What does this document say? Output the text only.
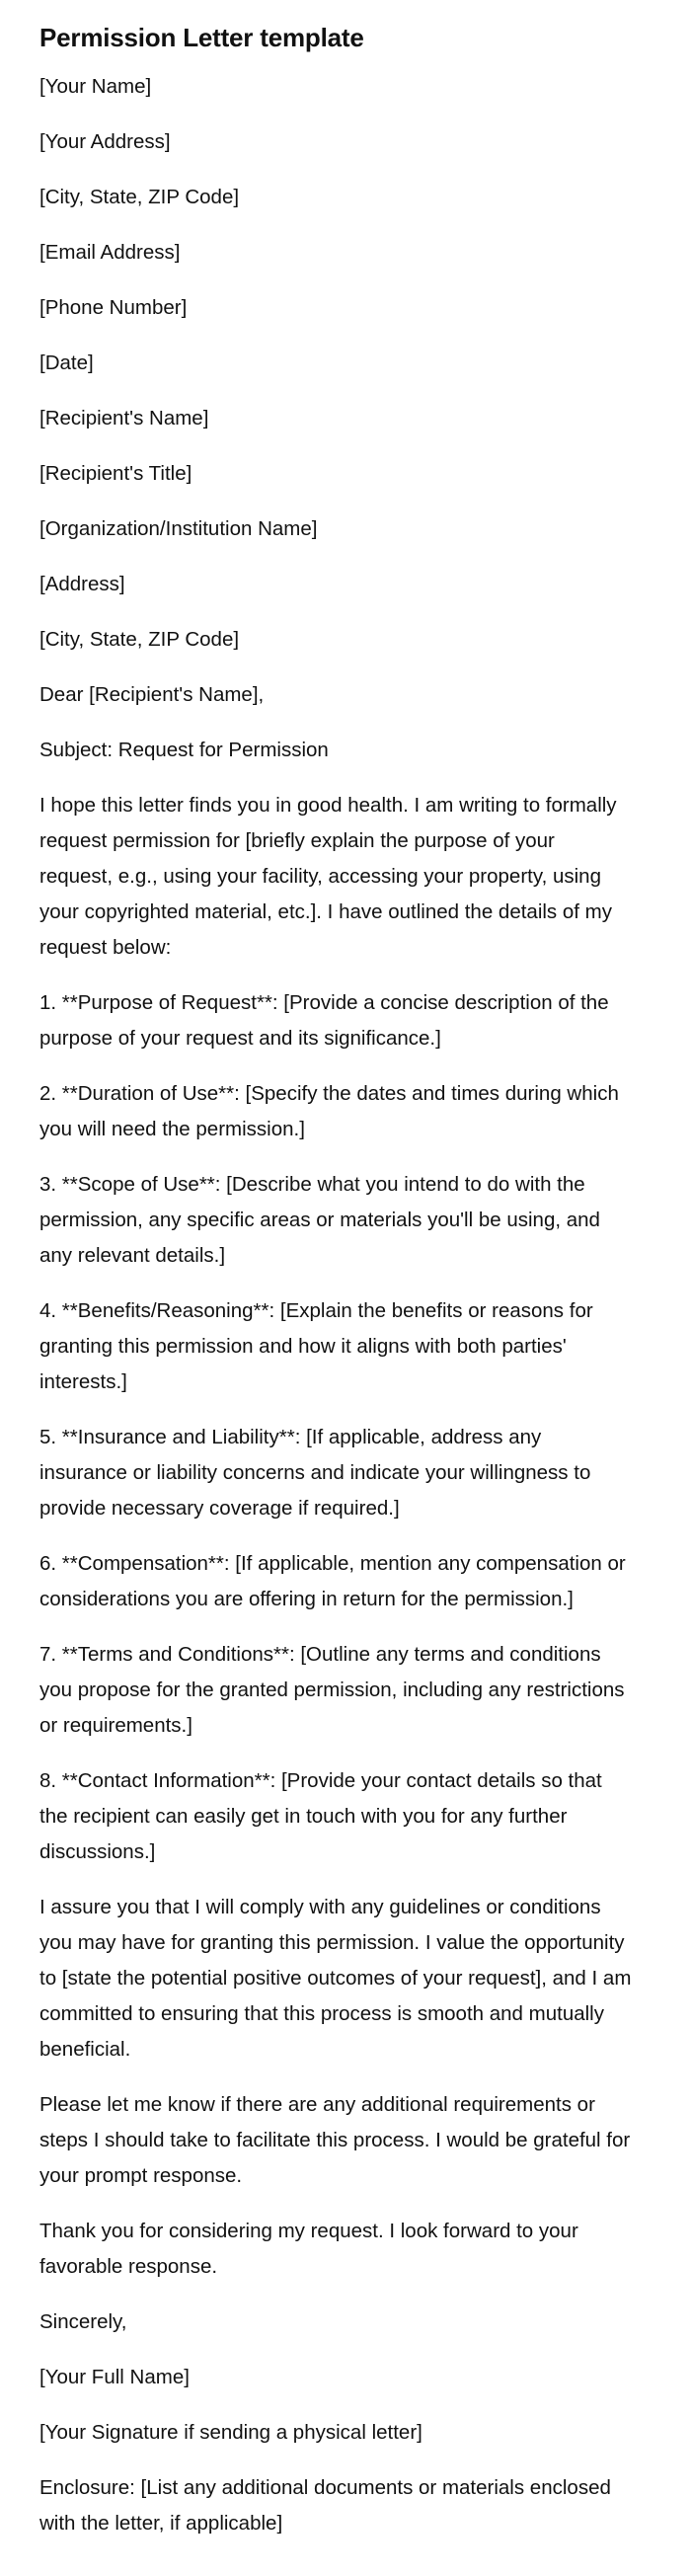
Permission Letter template

[Your Name]

[Your Address]

[City, State, ZIP Code]

[Email Address]

[Phone Number]

[Date]

[Recipient's Name]

[Recipient's Title]

[Organization/Institution Name]

[Address]

[City, State, ZIP Code]

Dear [Recipient's Name],

Subject: Request for Permission

I hope this letter finds you in good health. I am writing to formally request permission for [briefly explain the purpose of your request, e.g., using your facility, accessing your property, using your copyrighted material, etc.]. I have outlined the details of my request below:

1. **Purpose of Request**: [Provide a concise description of the purpose of your request and its significance.]

2. **Duration of Use**: [Specify the dates and times during which you will need the permission.]

3. **Scope of Use**: [Describe what you intend to do with the permission, any specific areas or materials you'll be using, and any relevant details.]

4. **Benefits/Reasoning**: [Explain the benefits or reasons for granting this permission and how it aligns with both parties' interests.]

5. **Insurance and Liability**: [If applicable, address any insurance or liability concerns and indicate your willingness to provide necessary coverage if required.]

6. **Compensation**: [If applicable, mention any compensation or considerations you are offering in return for the permission.]

7. **Terms and Conditions**: [Outline any terms and conditions you propose for the granted permission, including any restrictions or requirements.]

8. **Contact Information**: [Provide your contact details so that the recipient can easily get in touch with you for any further discussions.]

I assure you that I will comply with any guidelines or conditions you may have for granting this permission. I value the opportunity to [state the potential positive outcomes of your request], and I am committed to ensuring that this process is smooth and mutually beneficial.

Please let me know if there are any additional requirements or steps I should take to facilitate this process. I would be grateful for your prompt response.

Thank you for considering my request. I look forward to your favorable response.

Sincerely,

[Your Full Name]

[Your Signature if sending a physical letter]

Enclosure: [List any additional documents or materials enclosed with the letter, if applicable]
